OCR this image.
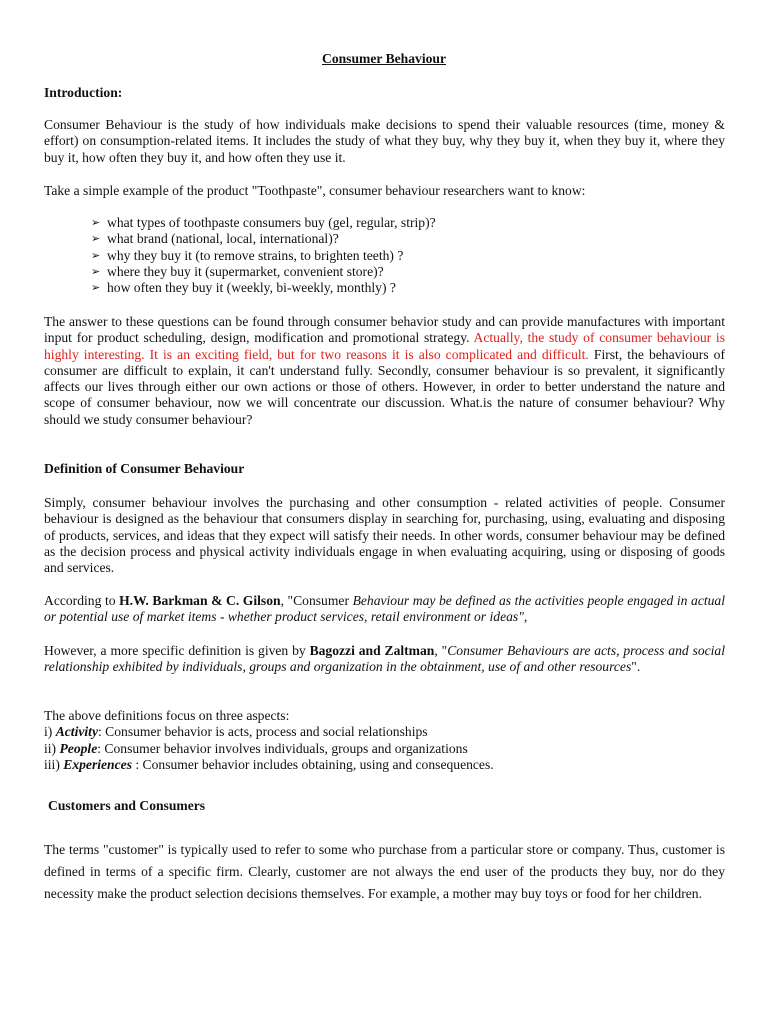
Consumer Behaviour

Introduction:

Consumer Behaviour is the study of how individuals make decisions to spend their valuable resources (time, money & effort) on consumption-related items. It includes the study of what they buy, why they buy it, when they buy it, where they buy it, how often they buy it, and how often they use it.

Take a simple example of the product "Toothpaste", consumer behaviour researchers want to know:

➢ what types of toothpaste consumers buy (gel, regular, strip)?
➢ what brand (national, local, international)?
➢ why they buy it (to remove strains, to brighten teeth) ?
➢ where they buy it (supermarket, convenient store)?
➢ how often they buy it (weekly, bi-weekly, monthly) ?

The answer to these questions can be found through consumer behavior study and can provide manufactures with important input for product scheduling, design, modification and promotional strategy. Actually, the study of consumer behaviour is highly interesting. It is an exciting field, but for two reasons it is also complicated and difficult. First, the behaviours of consumer are difficult to explain, it can't understand fully. Secondly, consumer behaviour is so prevalent, it significantly affects our lives through either our own actions or those of others. However, in order to better understand the nature and scope of consumer behaviour, now we will concentrate our discussion. What.is the nature of consumer behaviour? Why should we study consumer behaviour?

Definition of Consumer Behaviour

Simply, consumer behaviour involves the purchasing and other consumption - related activities of people. Consumer behaviour is designed as the behaviour that consumers display in searching for, purchasing, using, evaluating and disposing of products, services, and ideas that they expect will satisfy their needs. In other words, consumer behaviour may be defined as the decision process and physical activity individuals engage in when evaluating acquiring, using or disposing of goods and services.

According to H.W. Barkman & C. Gilson, "Consumer Behaviour may be defined as the activities people engaged in actual or potential use of market items - whether product services, retail environment or ideas",

However, a more specific definition is given by Bagozzi and Zaltman, "Consumer Behaviours are acts, process and social relationship exhibited by individuals, groups and organization in the obtainment, use of and other resources".

The above definitions focus on three aspects:
i) Activity: Consumer behavior is acts, process and social relationships
ii) People: Consumer behavior involves individuals, groups and organizations
iii) Experiences : Consumer behavior includes obtaining, using and consequences.

Customers and Consumers

The terms "customer" is typically used to refer to some who purchase from a particular store or company. Thus, customer is defined in terms of a specific firm. Clearly, customer are not always the end user of the products they buy, nor do they necessity make the product selection decisions themselves. For example, a mother may buy toys or food for her children.
